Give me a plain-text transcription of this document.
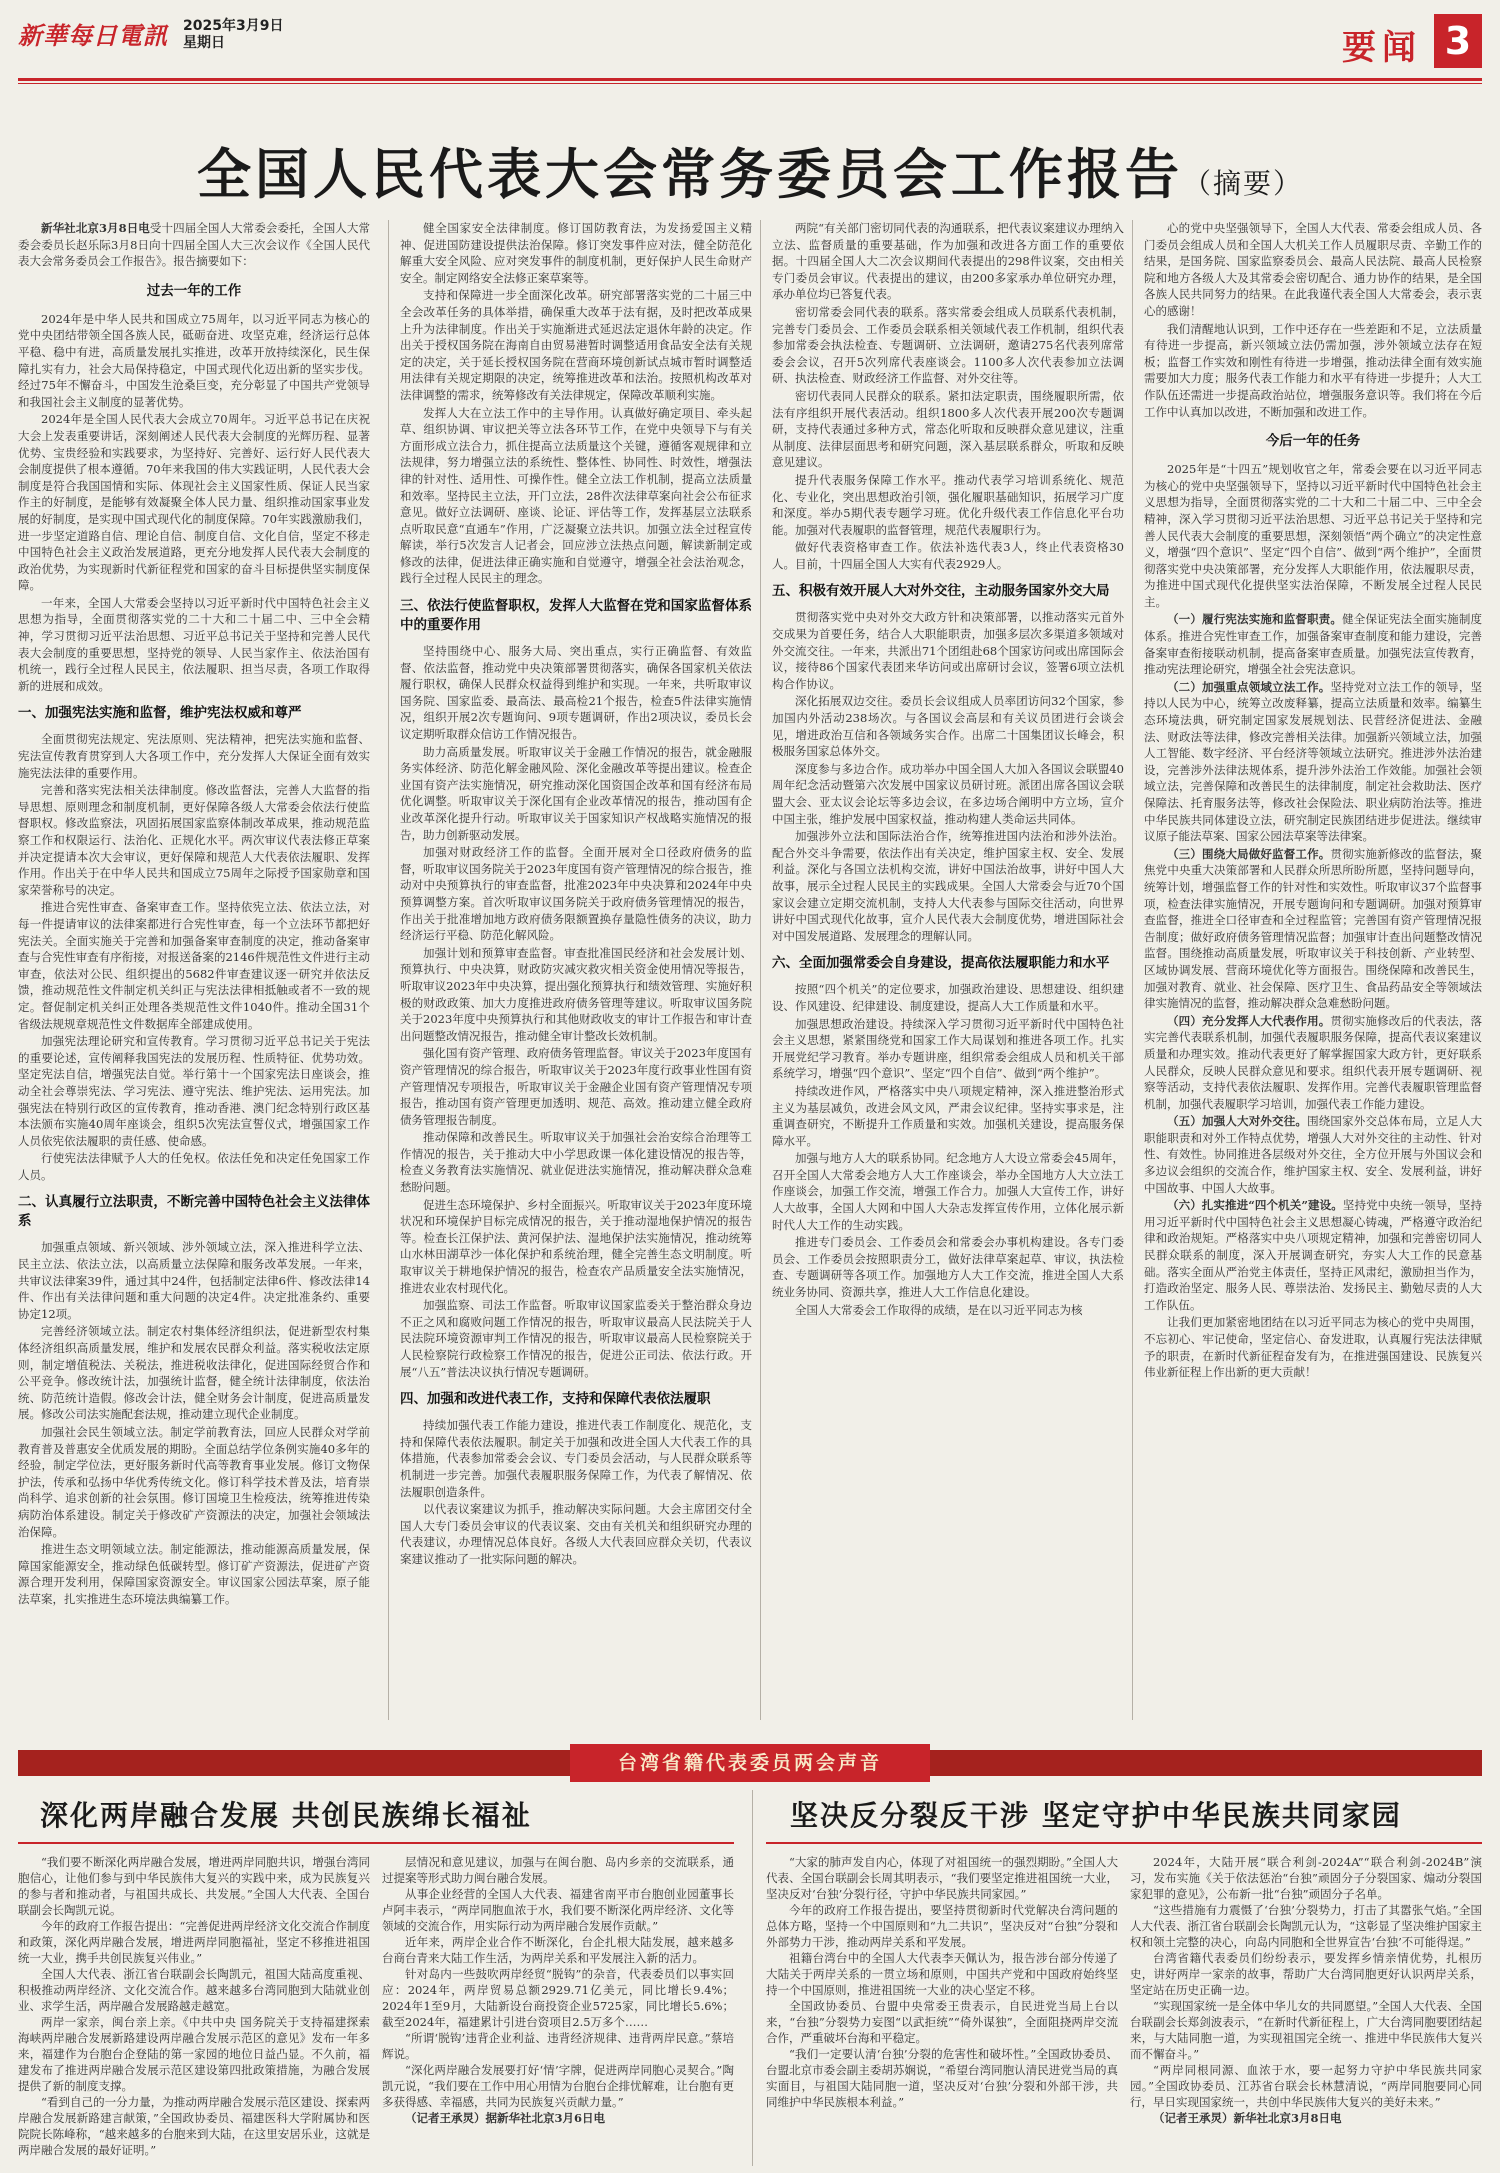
新華每日電訊 2025年3月9日
星期日	要闻 3
全国人民代表大会常务委员会工作报告（摘要）

新华社北京3月8日电受十四届全国人大常委会委托，全国人大常委会委员长赵乐际3月8日向十四届全国人大三次会议作《全国人民代表大会常务委员会工作报告》。报告摘要如下：

过去一年的工作

2024年是中华人民共和国成立75周年，以习近平同志为核心的党中央团结带领全国各族人民，砥砺奋进、攻坚克难，经济运行总体平稳、稳中有进，高质量发展扎实推进，改革开放持续深化，民生保障扎实有力，社会大局保持稳定，中国式现代化迈出新的坚实步伐。经过75年不懈奋斗，中国发生沧桑巨变，充分彰显了中国共产党领导和我国社会主义制度的显著优势。

2024年是全国人民代表大会成立70周年。习近平总书记在庆祝大会上发表重要讲话，深刻阐述人民代表大会制度的光辉历程、显著优势、宝贵经验和实践要求，为坚持好、完善好、运行好人民代表大会制度提供了根本遵循。70年来我国的伟大实践证明，人民代表大会制度是符合我国国情和实际、体现社会主义国家性质、保证人民当家作主的好制度，是能够有效凝聚全体人民力量、组织推动国家事业发展的好制度，是实现中国式现代化的制度保障。70年实践激励我们，进一步坚定道路自信、理论自信、制度自信、文化自信，坚定不移走中国特色社会主义政治发展道路，更充分地发挥人民代表大会制度的政治优势，为实现新时代新征程党和国家的奋斗目标提供坚实制度保障。

一年来，全国人大常委会坚持以习近平新时代中国特色社会主义思想为指导，全面贯彻落实党的二十大和二十届二中、三中全会精神，学习贯彻习近平法治思想、习近平总书记关于坚持和完善人民代表大会制度的重要思想，坚持党的领导、人民当家作主、依法治国有机统一，践行全过程人民民主，依法履职、担当尽责，各项工作取得新的进展和成效。

一、加强宪法实施和监督，维护宪法权威和尊严

全面贯彻宪法规定、宪法原则、宪法精神，把宪法实施和监督、宪法宣传教育贯穿到人大各项工作中，充分发挥人大保证全面有效实施宪法法律的重要作用。

完善和落实宪法相关法律制度。修改监督法，完善人大监督的指导思想、原则理念和制度机制，更好保障各级人大常委会依法行使监督职权。修改监察法，巩固拓展国家监察体制改革成果，推动规范监察工作和权限运行、法治化、正规化水平。两次审议代表法修正草案并决定提请本次大会审议，更好保障和规范人大代表依法履职、发挥作用。作出关于在中华人民共和国成立75周年之际授予国家勋章和国家荣誉称号的决定。

推进合宪性审查、备案审查工作。坚持依宪立法、依法立法，对每一件提请审议的法律案都进行合宪性审查，每一个立法环节都把好宪法关。全面实施关于完善和加强备案审查制度的决定，推动备案审查与合宪性审查有序衔接，对报送备案的2146件规范性文件进行主动审查，依法对公民、组织提出的5682件审查建议逐一研究并依法反馈，推动规范性文件制定机关纠正与宪法法律相抵触或者不一致的规定。督促制定机关纠正处理各类规范性文件1040件。推动全国31个省级法规规章规范性文件数据库全部建成使用。

加强宪法理论研究和宣传教育。学习贯彻习近平总书记关于宪法的重要论述，宣传阐释我国宪法的发展历程、性质特征、优势功效。坚定宪法自信，增强宪法自觉。举行第十一个国家宪法日座谈会，推动全社会尊崇宪法、学习宪法、遵守宪法、维护宪法、运用宪法。加强宪法在特别行政区的宣传教育，推动香港、澳门纪念特别行政区基本法颁布实施40周年座谈会，组织5次宪法宣誓仪式，增强国家工作人员依宪依法履职的责任感、使命感。

行使宪法法律赋予人大的任免权。依法任免和决定任免国家工作人员。

二、认真履行立法职责，不断完善中国特色社会主义法律体系

加强重点领域、新兴领域、涉外领域立法，深入推进科学立法、民主立法、依法立法，以高质量立法保障和服务改革发展。一年来，共审议法律案39件，通过其中24件，包括制定法律6件、修改法律14件、作出有关法律问题和重大问题的决定4件。决定批准条约、重要协定12项。

完善经济领域立法。制定农村集体经济组织法，促进新型农村集体经济组织高质量发展，维护和发展农民群众利益。落实税收法定原则，制定增值税法、关税法，推进税收法律化，促进国际经贸合作和公平竞争。修改统计法，加强统计监督，健全统计法律制度，依法治统、防范统计造假。修改会计法，健全财务会计制度，促进高质量发展。修改公司法实施配套法规，推动建立现代企业制度。

加强社会民生领域立法。制定学前教育法，回应人民群众对学前教育普及普惠安全优质发展的期盼。全面总结学位条例实施40多年的经验，制定学位法，更好服务新时代高等教育事业发展。修订文物保护法，传承和弘扬中华优秀传统文化。修订科学技术普及法，培育崇尚科学、追求创新的社会氛围。修订国境卫生检疫法，统筹推进传染病防治体系建设。制定关于修改矿产资源法的决定，加强社会领域法治保障。

推进生态文明领域立法。制定能源法，推动能源高质量发展，保障国家能源安全，推动绿色低碳转型。修订矿产资源法，促进矿产资源合理开发利用，保障国家资源安全。审议国家公园法草案，原子能法草案，扎实推进生态环境法典编纂工作。

健全国家安全法律制度。修订国防教育法，为发扬爱国主义精神、促进国防建设提供法治保障。修订突发事件应对法，健全防范化解重大安全风险、应对突发事件的制度机制，更好保护人民生命财产安全。制定网络安全法修正案草案等。

支持和保障进一步全面深化改革。研究部署落实党的二十届三中全会改革任务的具体举措，确保重大改革于法有据，及时把改革成果上升为法律制度。作出关于实施渐进式延迟法定退休年龄的决定。作出关于授权国务院在海南自由贸易港暂时调整适用食品安全法有关规定的决定，关于延长授权国务院在营商环境创新试点城市暂时调整适用法律有关规定期限的决定，统筹推进改革和法治。按照机构改革对法律调整的需求，统筹修改有关法律规定，保障改革顺利实施。

发挥人大在立法工作中的主导作用。认真做好确定项目、牵头起草、组织协调、审议把关等立法各环节工作，在党中央领导下与有关方面形成立法合力，抓住提高立法质量这个关键，遵循客观规律和立法规律，努力增强立法的系统性、整体性、协同性、时效性，增强法律的针对性、适用性、可操作性。健全立法工作机制，提高立法质量和效率。坚持民主立法，开门立法，28件次法律草案向社会公布征求意见。做好立法调研、座谈、论证、评估等工作，发挥基层立法联系点听取民意“直通车”作用，广泛凝聚立法共识。加强立法全过程宣传解读，举行5次发言人记者会，回应涉立法热点问题，解读新制定或修改的法律，促进法律正确实施和自觉遵守，增强全社会法治观念，践行全过程人民民主的理念。

三、依法行使监督职权，发挥人大监督在党和国家监督体系中的重要作用

坚持围绕中心、服务大局、突出重点，实行正确监督、有效监督、依法监督，推动党中央决策部署贯彻落实，确保各国家机关依法履行职权，确保人民群众权益得到维护和实现。一年来，共听取审议国务院、国家监委、最高法、最高检21个报告，检查5件法律实施情况，组织开展2次专题询问、9项专题调研，作出2项决议，委员长会议定期听取群众信访工作情况报告。

助力高质量发展。听取审议关于金融工作情况的报告，就金融服务实体经济、防范化解金融风险、深化金融改革等提出建议。检查企业国有资产法实施情况，研究推动深化国资国企改革和国有经济布局优化调整。听取审议关于深化国有企业改革情况的报告，推动国有企业改革深化提升行动。听取审议关于国家知识产权战略实施情况的报告，助力创新驱动发展。

加强对财政经济工作的监督。全面开展对全口径政府债务的监督，听取审议国务院关于2023年度国有资产管理情况的综合报告，推动对中央预算执行的审查监督，批准2023年中央决算和2024年中央预算调整方案。首次听取审议国务院关于政府债务管理情况的报告，作出关于批准增加地方政府债务限额置换存量隐性债务的决议，助力经济运行平稳、防范化解风险。

加强计划和预算审查监督。审查批准国民经济和社会发展计划、预算执行、中央决算，财政防灾减灾救灾相关资金使用情况等报告，听取审议2023年中央决算，提出强化预算执行和绩效管理、实施好积极的财政政策、加大力度推进政府债务管理等建议。听取审议国务院关于2023年度中央预算执行和其他财政收支的审计工作报告和审计查出问题整改情况报告，推动健全审计整改长效机制。

强化国有资产管理、政府债务管理监督。审议关于2023年度国有资产管理情况的综合报告，听取审议关于2023年度行政事业性国有资产管理情况专项报告，听取审议关于金融企业国有资产管理情况专项报告，推动国有资产管理更加透明、规范、高效。推动建立健全政府债务管理报告制度。

推动保障和改善民生。听取审议关于加强社会治安综合治理等工作情况的报告，关于推动大中小学思政课一体化建设情况的报告等，检查义务教育法实施情况、就业促进法实施情况，推动解决群众急难愁盼问题。

促进生态环境保护、乡村全面振兴。听取审议关于2023年度环境状况和环境保护目标完成情况的报告，关于推动湿地保护情况的报告等。检查长江保护法、黄河保护法、湿地保护法实施情况，推动统筹山水林田湖草沙一体化保护和系统治理，健全完善生态文明制度。听取审议关于耕地保护情况的报告，检查农产品质量安全法实施情况，推进农业农村现代化。

加强监察、司法工作监督。听取审议国家监委关于整治群众身边不正之风和腐败问题工作情况的报告，听取审议最高人民法院关于人民法院环境资源审判工作情况的报告，听取审议最高人民检察院关于人民检察院行政检察工作情况的报告，促进公正司法、依法行政。开展“八五”普法决议执行情况专题调研。

四、加强和改进代表工作，支持和保障代表依法履职

持续加强代表工作能力建设，推进代表工作制度化、规范化，支持和保障代表依法履职。制定关于加强和改进全国人大代表工作的具体措施，代表参加常委会会议、专门委员会活动，与人民群众联系等机制进一步完善。加强代表履职服务保障工作，为代表了解情况、依法履职创造条件。

以代表议案建议为抓手，推动解决实际问题。大会主席团交付全国人大专门委员会审议的代表议案、交由有关机关和组织研究办理的代表建议，办理情况总体良好。各级人大代表回应群众关切，代表议案建议推动了一批实际问题的解决。

两院“有关部门密切同代表的沟通联系，把代表议案建议办理纳入立法、监督质量的重要基础，作为加强和改进各方面工作的重要依据。十四届全国人大二次会议期间代表提出的298件议案，交由相关专门委员会审议。代表提出的建议，由200多家承办单位研究办理，承办单位均已答复代表。

密切常委会同代表的联系。落实常委会组成人员联系代表机制，完善专门委员会、工作委员会联系相关领域代表工作机制，组织代表参加常委会执法检查、专题调研、立法调研，邀请275名代表列席常委会会议，召开5次列席代表座谈会。1100多人次代表参加立法调研、执法检查、财政经济工作监督、对外交往等。

密切代表同人民群众的联系。紧扣法定职责，围绕履职所需，依法有序组织开展代表活动。组织1800多人次代表开展200次专题调研，支持代表通过多种方式，常态化听取和反映群众意见建议，注重从制度、法律层面思考和研究问题，深入基层联系群众，听取和反映意见建议。

提升代表服务保障工作水平。推动代表学习培训系统化、规范化、专业化，突出思想政治引领，强化履职基础知识，拓展学习广度和深度。举办5期代表专题学习班。优化升级代表工作信息化平台功能。加强对代表履职的监督管理，规范代表履职行为。

做好代表资格审查工作。依法补选代表3人，终止代表资格30人。目前，十四届全国人大实有代表2929人。

五、积极有效开展人大对外交往，主动服务国家外交大局

贯彻落实党中央对外交大政方针和决策部署，以推动落实元首外交成果为首要任务，结合人大职能职责，加强多层次多渠道多领域对外交流交往。一年来，共派出71个团组赴68个国家访问或出席国际会议，接待86个国家代表团来华访问或出席研讨会议，签署6项立法机构合作协议。

深化拓展双边交往。委员长会议组成人员率团访问32个国家，参加国内外活动238场次。与各国议会高层和有关议员团进行会谈会见，增进政治互信和各领域务实合作。出席二十国集团议长峰会，积极服务国家总体外交。

深度参与多边合作。成功举办中国全国人大加入各国议会联盟40周年纪念活动暨第六次发展中国家议员研讨班。派团出席各国议会联盟大会、亚太议会论坛等多边会议，在多边场合阐明中方立场，宣介中国主张，维护发展中国家权益，推动构建人类命运共同体。

加强涉外立法和国际法治合作，统筹推进国内法治和涉外法治。配合外交斗争需要，依法作出有关决定，维护国家主权、安全、发展利益。深化与各国立法机构交流，讲好中国法治故事，讲好中国人大故事，展示全过程人民民主的实践成果。全国人大常委会与近70个国家议会建立定期交流机制，支持人大代表参与国际交往活动，向世界讲好中国式现代化故事，宣介人民代表大会制度优势，增进国际社会对中国发展道路、发展理念的理解认同。

六、全面加强常委会自身建设，提高依法履职能力和水平

按照“四个机关”的定位要求，加强政治建设、思想建设、组织建设、作风建设、纪律建设、制度建设，提高人大工作质量和水平。

加强思想政治建设。持续深入学习贯彻习近平新时代中国特色社会主义思想，紧紧围绕党和国家工作大局谋划和推进各项工作。扎实开展党纪学习教育。举办专题讲座，组织常委会组成人员和机关干部系统学习，增强“四个意识”、坚定“四个自信”、做到“两个维护”。

持续改进作风，严格落实中央八项规定精神，深入推进整治形式主义为基层减负，改进会风文风，严肃会议纪律。坚持实事求是，注重调查研究，不断提升工作质量和实效。加强机关建设，提高服务保障水平。

加强与地方人大的联系协同。纪念地方人大设立常委会45周年，召开全国人大常委会地方人大工作座谈会，举办全国地方人大立法工作座谈会，加强工作交流，增强工作合力。加强人大宣传工作，讲好人大故事，全国人大网和中国人大杂志发挥宣传作用，立体化展示新时代人大工作的生动实践。

推进专门委员会、工作委员会和常委会办事机构建设。各专门委员会、工作委员会按照职责分工，做好法律草案起草、审议，执法检查、专题调研等各项工作。加强地方人大工作交流，推进全国人大系统业务协同、资源共享，推进人大工作信息化建设。

全国人大常委会工作取得的成绩，是在以习近平同志为核

心的党中央坚强领导下，全国人大代表、常委会组成人员、各门委员会组成人员和全国人大机关工作人员履职尽责、辛勤工作的结果，是国务院、国家监察委员会、最高人民法院、最高人民检察院和地方各级人大及其常委会密切配合、通力协作的结果，是全国各族人民共同努力的结果。在此我谨代表全国人大常委会，表示衷心的感谢！

我们清醒地认识到，工作中还存在一些差距和不足，立法质量有待进一步提高，新兴领域立法仍需加强，涉外领域立法存在短板；监督工作实效和刚性有待进一步增强，推动法律全面有效实施需要加大力度；服务代表工作能力和水平有待进一步提升；人大工作队伍还需进一步提高政治站位，增强服务意识等。我们将在今后工作中认真加以改进，不断加强和改进工作。

今后一年的任务

2025年是“十四五”规划收官之年，常委会要在以习近平同志为核心的党中央坚强领导下，坚持以习近平新时代中国特色社会主义思想为指导，全面贯彻落实党的二十大和二十届二中、三中全会精神，深入学习贯彻习近平法治思想、习近平总书记关于坚持和完善人民代表大会制度的重要思想，深刻领悟“两个确立”的决定性意义，增强“四个意识”、坚定“四个自信”、做到“两个维护”，全面贯彻落实党中央决策部署，充分发挥人大职能作用，依法履职尽责，为推进中国式现代化提供坚实法治保障，不断发展全过程人民民主。

（一）履行宪法实施和监督职责。健全保证宪法全面实施制度体系。推进合宪性审查工作，加强备案审查制度和能力建设，完善备案审查衔接联动机制，提高备案审查质量。加强宪法宣传教育，推动宪法理论研究，增强全社会宪法意识。

（二）加强重点领域立法工作。坚持党对立法工作的领导，坚持以人民为中心，统筹立改废释纂，提高立法质量和效率。编纂生态环境法典，研究制定国家发展规划法、民营经济促进法、金融法、财政法等法律，修改完善相关法律。加强新兴领域立法，加强人工智能、数字经济、平台经济等领域立法研究。推进涉外法治建设，完善涉外法律法规体系，提升涉外法治工作效能。加强社会领域立法，完善保障和改善民生的法律制度，制定社会救助法、医疗保障法、托育服务法等，修改社会保险法、职业病防治法等。推进中华民族共同体建设立法，研究制定民族团结进步促进法。继续审议原子能法草案、国家公园法草案等法律案。

（三）围绕大局做好监督工作。贯彻实施新修改的监督法，聚焦党中央重大决策部署和人民群众所思所盼所愿，坚持问题导向，统筹计划，增强监督工作的针对性和实效性。听取审议37个监督事项，检查法律实施情况，开展专题询问和专题调研。加强对预算审查监督，推进全口径审查和全过程监管；完善国有资产管理情况报告制度；做好政府债务管理情况监督；加强审计查出问题整改情况监督。围绕推动高质量发展，听取审议关于科技创新、产业转型、区域协调发展、营商环境优化等方面报告。围绕保障和改善民生，加强对教育、就业、社会保障、医疗卫生、食品药品安全等领域法律实施情况的监督，推动解决群众急难愁盼问题。

（四）充分发挥人大代表作用。贯彻实施修改后的代表法，落实完善代表联系机制，加强代表履职服务保障，提高代表议案建议质量和办理实效。推动代表更好了解掌握国家大政方针，更好联系人民群众，反映人民群众意见和要求。组织代表开展专题调研、视察等活动，支持代表依法履职、发挥作用。完善代表履职管理监督机制，加强代表履职学习培训，加强代表工作能力建设。

（五）加强人大对外交往。围绕国家外交总体布局，立足人大职能职责和对外工作特点优势，增强人大对外交往的主动性、针对性、有效性。协同推进各层级对外交往，全方位开展与外国议会和多边议会组织的交流合作，维护国家主权、安全、发展利益，讲好中国故事、中国人大故事。

（六）扎实推进“四个机关”建设。坚持党中央统一领导，坚持用习近平新时代中国特色社会主义思想凝心铸魂，严格遵守政治纪律和政治规矩。严格落实中央八项规定精神，加强和完善密切同人民群众联系的制度，深入开展调查研究，夯实人大工作的民意基础。落实全面从严治党主体责任，坚持正风肃纪，激励担当作为，打造政治坚定、服务人民、尊崇法治、发扬民主、勤勉尽责的人大工作队伍。

让我们更加紧密地团结在以习近平同志为核心的党中央周围，不忘初心、牢记使命，坚定信心、奋发进取，认真履行宪法法律赋予的职责，在新时代新征程奋发有为，在推进强国建设、民族复兴伟业新征程上作出新的更大贡献！

台湾省籍代表委员两会声音
深化两岸融合发展 共创民族绵长福祉	坚决反分裂反干涉 坚定守护中华民族共同家园

“我们要不断深化两岸融合发展，增进两岸同胞共识，增强台湾同胞信心，让他们参与到中华民族伟大复兴的实践中来，成为民族复兴的参与者和推动者，与祖国共成长、共发展。”全国人大代表、全国台联副会长陶凯元说。

今年的政府工作报告提出：“完善促进两岸经济文化交流合作制度和政策，深化两岸融合发展，增进两岸同胞福祉，坚定不移推进祖国统一大业，携手共创民族复兴伟业。”

全国人大代表、浙江省台联副会长陶凯元，祖国大陆高度重视、积极推动两岸经济、文化交流合作。越来越多台湾同胞到大陆就业创业、求学生活，两岸融合发展路越走越宽。

两岸一家亲，闽台亲上亲。《中共中央 国务院关于支持福建探索海峡两岸融合发展新路建设两岸融合发展示范区的意见》发布一年多来，福建作为台胞台企登陆的第一家园的地位日益凸显。不久前，福建发布了推进两岸融合发展示范区建设第四批政策措施，为融合发展提供了新的制度支撑。

“看到自己的一分力量，为推动两岸融合发展示范区建设、探索两岸融合发展新路建言献策，”全国政协委员、福建医科大学附属协和医院院长陈峰称，“越来越多的台胞来到大陆，在这里安居乐业，这就是两岸融合发展的最好证明。”

层情况和意见建议，加强与在闽台胞、岛内乡亲的交流联系，通过提案等形式助力闽台融合发展。

从事企业经营的全国人大代表、福建省南平市台胞创业园董事长卢阿丰表示，“两岸同胞血浓于水，我们要不断深化两岸经济、文化等领域的交流合作，用实际行动为两岸融合发展作贡献。”

近年来，两岸企业合作不断深化，台企扎根大陆发展，越来越多台商台青来大陆工作生活，为两岸关系和平发展注入新的活力。

针对岛内一些鼓吹两岸经贸“脱钩”的杂音，代表委员们以事实回应：2024年，两岸贸易总额2929.71亿美元，同比增长9.4%；2024年1至9月，大陆新设台商投资企业5725家，同比增长5.6%；截至2024年，福建累计引进台资项目2.5万多个……

“所谓‘脱钩’违背企业利益、违背经济规律、违背两岸民意。”蔡培辉说。

“深化两岸融合发展要打好‘情’字牌，促进两岸同胞心灵契合。”陶凯元说，“我们要在工作中用心用情为台胞台企排忧解难，让台胞有更多获得感、幸福感，共同为民族复兴贡献力量。”

（记者王承炅）据新华社北京3月6日电

“大家的肺声发自内心，体现了对祖国统一的强烈期盼。”全国人大代表、全国台联副会长周其明表示，“我们要坚定推进祖国统一大业，坚决反对‘台独’分裂行径，守护中华民族共同家园。”

今年的政府工作报告提出，要坚持贯彻新时代党解决台湾问题的总体方略，坚持一个中国原则和“九二共识”，坚决反对“台独”分裂和外部势力干涉，推动两岸关系和平发展。

祖籍台湾台中的全国人大代表李天佩认为，报告涉台部分传递了大陆关于两岸关系的一贯立场和原则，中国共产党和中国政府始终坚持一个中国原则，推进祖国统一大业的决心坚定不移。

全国政协委员、台盟中央常委王贵表示，自民进党当局上台以来，“台独”分裂势力妄图“以武拒统”“倚外谋独”，全面阻挠两岸交流合作，严重破坏台海和平稳定。

“我们一定要认清‘台独’分裂的危害性和破坏性。”全国政协委员、台盟北京市委会副主委胡苏娴说，“希望台湾同胞认清民进党当局的真实面目，与祖国大陆同胞一道，坚决反对‘台独’分裂和外部干涉，共同维护中华民族根本利益。”

2024年，大陆开展“联合利剑-2024A”“联合利剑-2024B”演习，发布实施《关于依法惩治“台独”顽固分子分裂国家、煽动分裂国家犯罪的意见》，公布新一批“台独”顽固分子名单。

“这些措施有力震慑了‘台独’分裂势力，打击了其嚣张气焰。”全国人大代表、浙江省台联副会长陶凯元认为，“这彰显了坚决维护国家主权和领土完整的决心，向岛内同胞和全世界宣告‘台独’不可能得逞。”

台湾省籍代表委员们纷纷表示，要发挥乡情亲情优势，扎根历史，讲好两岸一家亲的故事，帮助广大台湾同胞更好认识两岸关系，坚定站在历史正确一边。

“实现国家统一是全体中华儿女的共同愿望。”全国人大代表、全国台联副会长郑剑波表示，“在新时代新征程上，广大台湾同胞要团结起来，与大陆同胞一道，为实现祖国完全统一、推进中华民族伟大复兴而不懈奋斗。”

“两岸同根同源、血浓于水，要一起努力守护中华民族共同家园。”全国政协委员、江苏省台联会长林慧清说，“两岸同胞要同心同行，早日实现国家统一，共创中华民族伟大复兴的美好未来。”

（记者王承炅）新华社北京3月8日电
